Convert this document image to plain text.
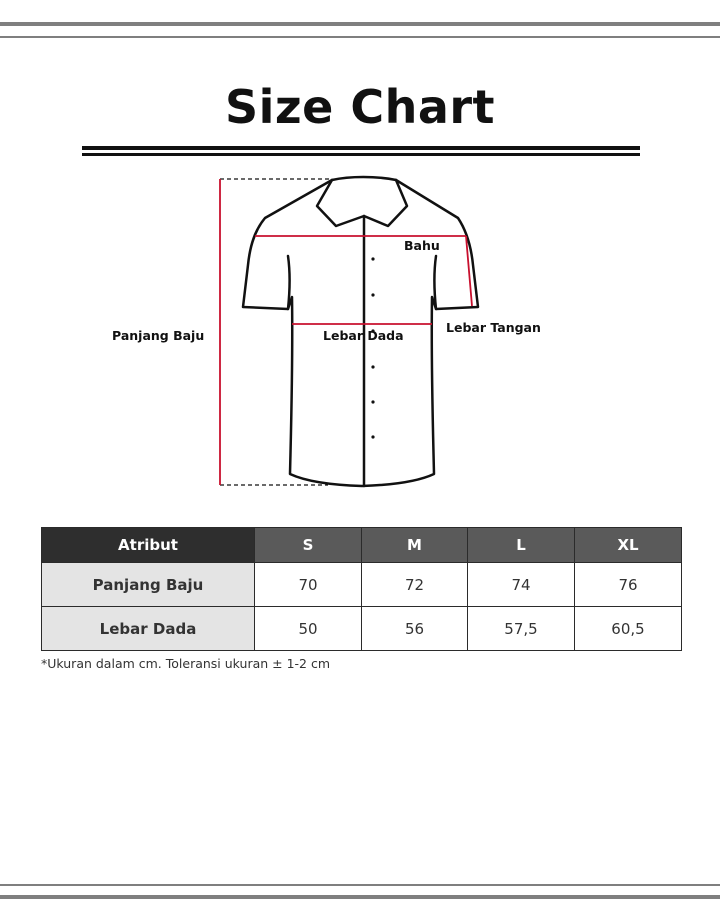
Size Chart
Bahu
Panjang Baju	Lebar Dada
Lebar Tangan
Atribut	S	M	L	XL
Panjang Baju	70	72	74	76
Lebar Dada	50	56	57,5	60,5
*Ukuran dalam cm. Toleransi ukuran ± 1-2 cm
